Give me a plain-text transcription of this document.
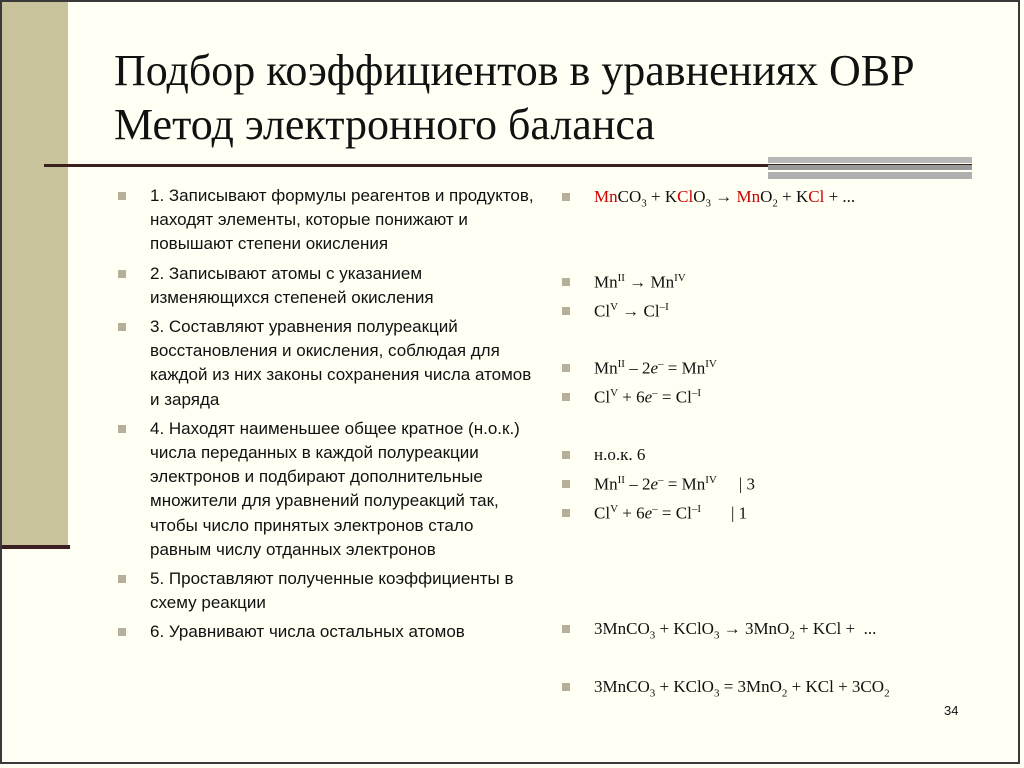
Подбор коэффициентов в уравнениях ОВР
Метод электронного баланса
1. Записывают формулы реагентов и продуктов, находят элементы, которые понижают и повышают степени окисления
2. Записывают атомы с указанием изменяющихся степеней окисления
3. Составляют уравнения полуреакций восстановления и окисления, соблюдая для каждой из них законы сохранения числа атомов и заряда
4. Находят наименьшее общее кратное (н.о.к.) числа переданных в каждой полуреакции электронов и подбирают дополнительные множители для уравнений полуреакций так, чтобы число принятых электронов стало равным числу отданных электронов
5. Проставляют полученные коэффициенты в схему реакции
6. Уравнивают числа остальных атомов
MnCO$_3$ + KClO$_3$ → MnO$_2$ + KCl + ...
$Mn^{II} \to Mn^{IV}$
$Cl^V \to Cl^{-I}$
$Mn^{II} - 2e^- = Mn^{IV}$
$Cl^V + 6e^- = Cl^{-I}$
н.о.к. 6
$Mn^{II} - 2e^- = Mn^{IV}$ | 3
$Cl^V + 6e^- = Cl^{-I}$ | 1
3MnCO$_3$ + KClO$_3$ → 3MnO$_2$ + KCl +  ...
3MnCO$_3$ + KClO$_3$ = 3MnO$_2$ + KCl + $3CO_2$
34
